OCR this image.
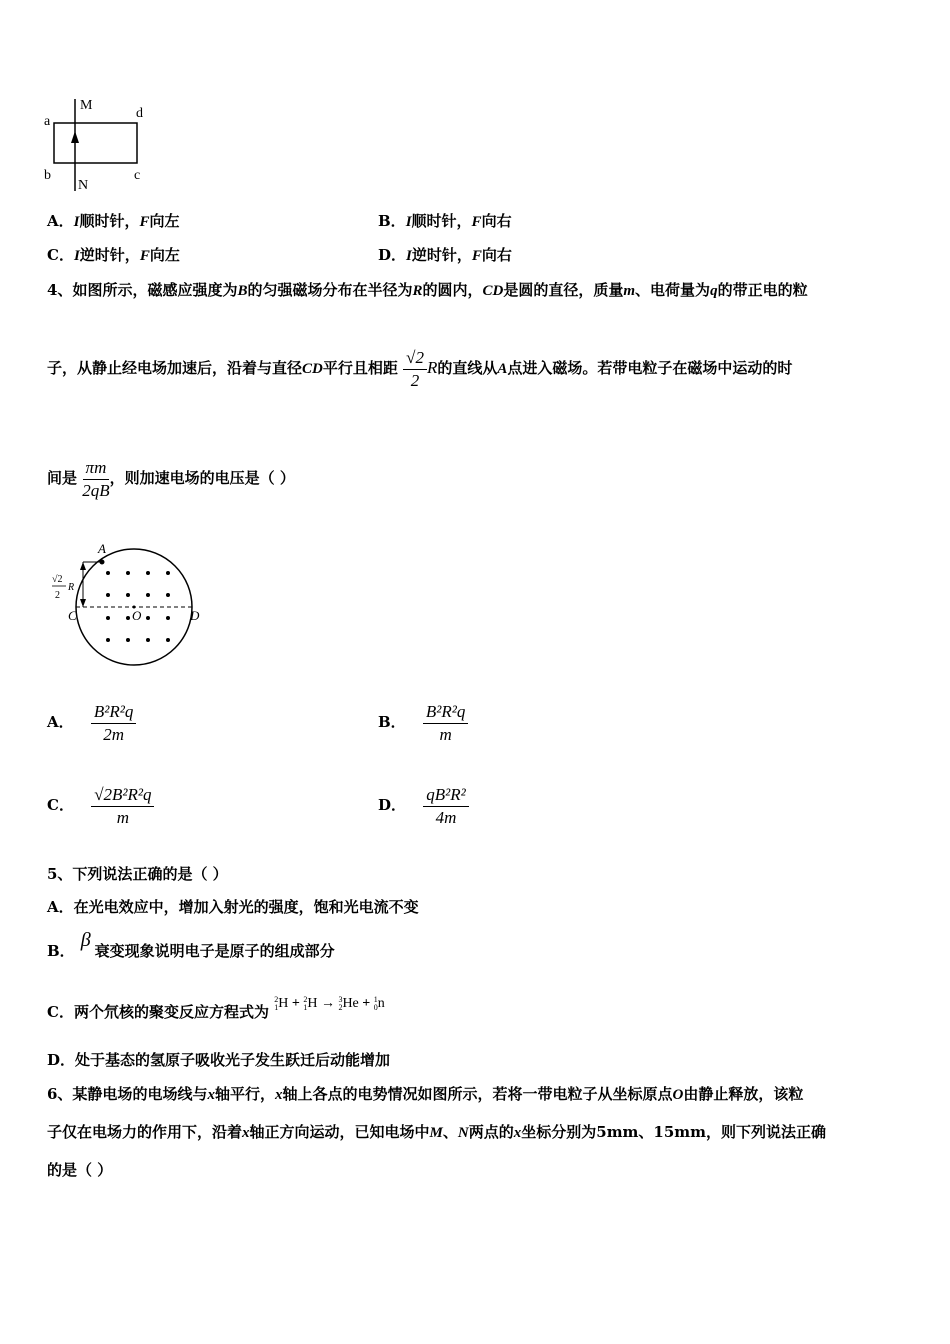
a
b	c
d
M
N
A．I顺时针，F向左	B．I顺时针，F向右
C．I逆时针，F向左	D．I逆时针，F向右
4、如图所示，磁感应强度为B的匀强磁场分布在半径为R的圆内，CD是圆的直径，质量m、电荷量为q的带正电的粒
子，从静止经电场加速后，沿着与直径CD平行且相距 $\frac{√2}{2}$ R的直线从A点进入磁场。若带电粒子在磁场中运动的时
间是 $\frac{\pi m}{2qB}$ ，则加速电场的电压是（ ）
A
C	D
O
√2
2
R
A． $\frac{\text{B²R²q}}{2m}$	B． $\frac{\text{B²R²q}}{m}$
C． $\frac{\text{√2B²R²q}}{m}$	D． $\frac{\text{qB²R²}}{4m}$
5、下列说法正确的是（ ）
A．在光电效应中，增加入射光的强度，饱和光电流不变
B． β 衰变现象说明电子是原子的组成部分
C．两个氘核的聚变反应方程式为
2
1 H + 2
1 H → 3
2 He + 1
0 n
D．处于基态的氢原子吸收光子发生跃迁后动能增加
6、某静电场的电场线与x轴平行，x轴上各点的电势情况如图所示，若将一带电粒子从坐标原点O由静止释放，该粒
子仅在电场力的作用下，沿着x轴正方向运动，已知电场中M、N两点的x坐标分别为5mm、15mm，则下列说法正确
的是（ ）
